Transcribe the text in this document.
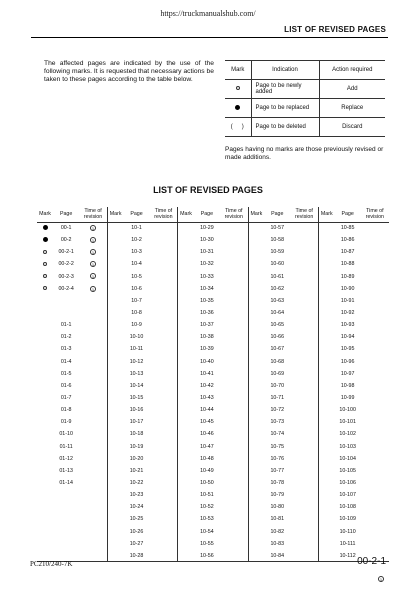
https://truckmanualshub.com/
LIST OF REVISED PAGES

The affected pages are indicated by the use of the following marks. It is requested that necessary actions be taken to these pages according to the table below.

Mark	Indication	Action required
	Page to be newly added	Add
	Page to be replaced	Replace
(   )	Page to be deleted	Discard

Pages having no marks are those previously revised or made additions.

LIST OF REVISED PAGES
Mark	Page	Time of revision	Mark	Page	Time of revision	Mark	Page	Time of revision	Mark	Page	Time of revision	Mark	Page	Time of revision
	00-1	1		10-1			10-29			10-57			10-85	
	00-2	1		10-2			10-30			10-58			10-86	
	00-2-1	1		10-3			10-31			10-59			10-87	
	00-2-2	1		10-4			10-32			10-60			10-88	
	00-2-3	1		10-5			10-33			10-61			10-89	
	00-2-4	1		10-6			10-34			10-62			10-90	
				10-7			10-35			10-63			10-91	
				10-8			10-36			10-64			10-92	
	01-1			10-9			10-37			10-65			10-93	
	01-2			10-10			10-38			10-66			10-94	
	01-3			10-11			10-39			10-67			10-95	
	01-4			10-12			10-40			10-68			10-96	
	01-5			10-13			10-41			10-69			10-97	
	01-6			10-14			10-42			10-70			10-98	
	01-7			10-15			10-43			10-71			10-99	
	01-8			10-16			10-44			10-72			10-100	
	01-9			10-17			10-45			10-73			10-101	
	01-10			10-18			10-46			10-74			10-102	
	01-11			10-19			10-47			10-75			10-103	
	01-12			10-20			10-48			10-76			10-104	
	01-13			10-21			10-49			10-77			10-105	
	01-14			10-22			10-50			10-78			10-106	
				10-23			10-51			10-79			10-107	
				10-24			10-52			10-80			10-108	
				10-25			10-53			10-81			10-109	
				10-26			10-54			10-82			10-110	
				10-27			10-55			10-83			10-111	
				10-28			10-56			10-84			10-112	
PC210/240-7K	00-2-1
1
